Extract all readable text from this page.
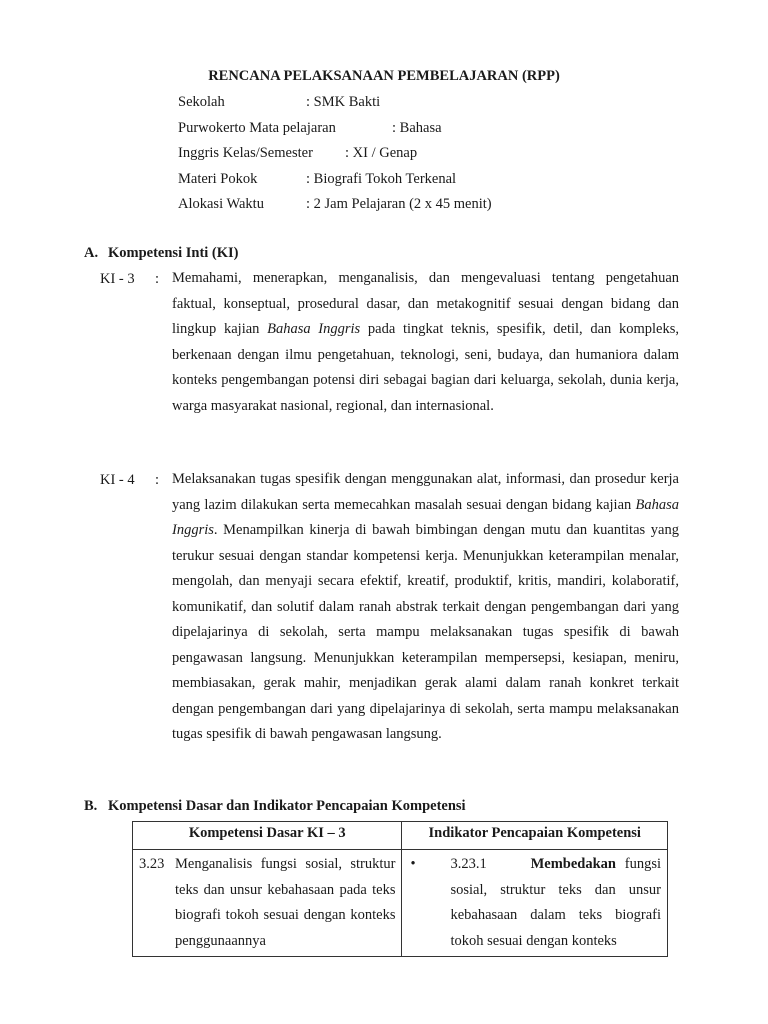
RENCANA PELAKSANAAN PEMBELAJARAN (RPP)
Sekolah	: SMK Bakti
Purwokerto Mata pelajaran	: Bahasa
Inggris Kelas/Semester : XI / Genap
Materi Pokok	: Biografi Tokoh Terkenal
Alokasi Waktu	: 2 Jam Pelajaran (2 x 45 menit)
A. Kompetensi Inti (KI)
KI - 3 : Memahami, menerapkan, menganalisis, dan mengevaluasi tentang pengetahuan faktual, konseptual, prosedural dasar, dan metakognitif sesuai dengan bidang dan lingkup kajian Bahasa Inggris pada tingkat teknis, spesifik, detil, dan kompleks, berkenaan dengan ilmu pengetahuan, teknologi, seni, budaya, dan humaniora dalam konteks pengembangan potensi diri sebagai bagian dari keluarga, sekolah, dunia kerja, warga masyarakat nasional, regional, dan internasional.
KI - 4 : Melaksanakan tugas spesifik dengan menggunakan alat, informasi, dan prosedur kerja yang lazim dilakukan serta memecahkan masalah sesuai dengan bidang kajian Bahasa Inggris. Menampilkan kinerja di bawah bimbingan dengan mutu dan kuantitas yang terukur sesuai dengan standar kompetensi kerja. Menunjukkan keterampilan menalar, mengolah, dan menyaji secara efektif, kreatif, produktif, kritis, mandiri, kolaboratif, komunikatif, dan solutif dalam ranah abstrak terkait dengan pengembangan dari yang dipelajarinya di sekolah, serta mampu melaksanakan tugas spesifik di bawah pengawasan langsung. Menunjukkan keterampilan mempersepsi, kesiapan, meniru, membiasakan, gerak mahir, menjadikan gerak alami dalam ranah konkret terkait dengan pengembangan dari yang dipelajarinya di sekolah, serta mampu melaksanakan tugas spesifik di bawah pengawasan langsung.
B. Kompetensi Dasar dan Indikator Pencapaian Kompetensi
Kompetensi Dasar KI – 3	Indikator Pencapaian Kompetensi

3.23 Menganalisis fungsi sosial, struktur teks dan unsur kebahasaan pada teks biografi tokoh sesuai dengan konteks penggunaannya	• 3.23.1 Membedakan fungsi sosial, struktur teks dan unsur kebahasaan dalam teks biografi tokoh sesuai dengan konteks
